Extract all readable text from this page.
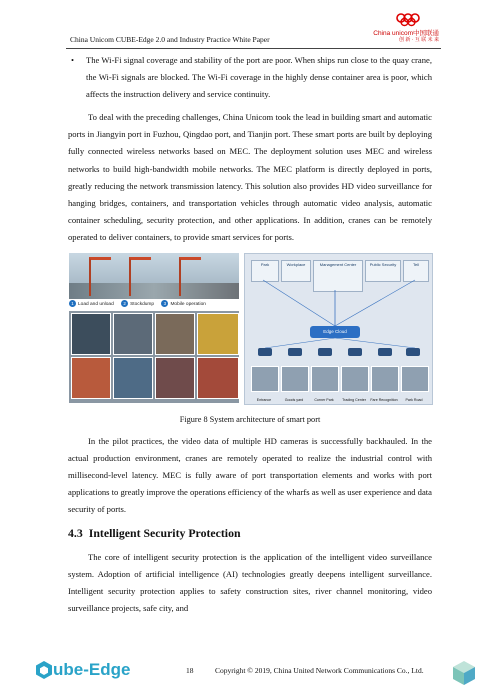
China Unicom CUBE-Edge 2.0 and Industry Practice White Paper
China unicom中国联通
创 新 · 互 联 未 来
• The Wi-Fi signal coverage and stability of the port are poor. When ships run close to the quay crane, the Wi-Fi signals are blocked. The Wi-Fi coverage in the highly dense container area is poor, which affects the instruction delivery and service continuity.

To deal with the preceding challenges, China Unicom took the lead in building smart and automatic ports in Jiangyin port in Fuzhou, Qingdao port, and Tianjin port. These smart ports are built by deploying fully connected wireless networks based on MEC. The deployment solution uses MEC and wireless networks to build high-bandwidth mobile networks. The MEC platform is directly deployed in ports, greatly reducing the network transmission latency. This solution also provides HD video surveillance for hanging bridges, containers, and transportation vehicles through automatic video analysis, automatic container scheduling, security protection, and other applications. In addition, cranes can be remotely operated to deliver containers, to provide smart services for ports.

1 Load and unload 2 Stockdump 3 Mobile operation
Park	Workplace	Management Center	Public Security	Tell
Edge Cloud
Entrance	Goods yard	Corner Park	Trading Center	Fare Recognition	Park Road
Figure 8 System architecture of smart port

In the pilot practices, the video data of multiple HD cameras is successfully backhauled. In the actual production environment, cranes are remotely operated to realize the industrial control with millisecond-level latency. MEC is fully aware of port transportation elements and works with port applications to greatly improve the operations efficiency of the wharfs as well as user experience and data security of ports.

4.3 Intelligent Security Protection

The core of intelligent security protection is the application of the intelligent video surveillance system. Adoption of artificial intelligence (AI) technologies greatly deepens intelligent surveillance. Intelligent security protection applies to safety construction sites, river channel monitoring, video surveillance projects, safe city, and

ube-Edge	18	Copyright © 2019, China United Network Communications Co., Ltd.
